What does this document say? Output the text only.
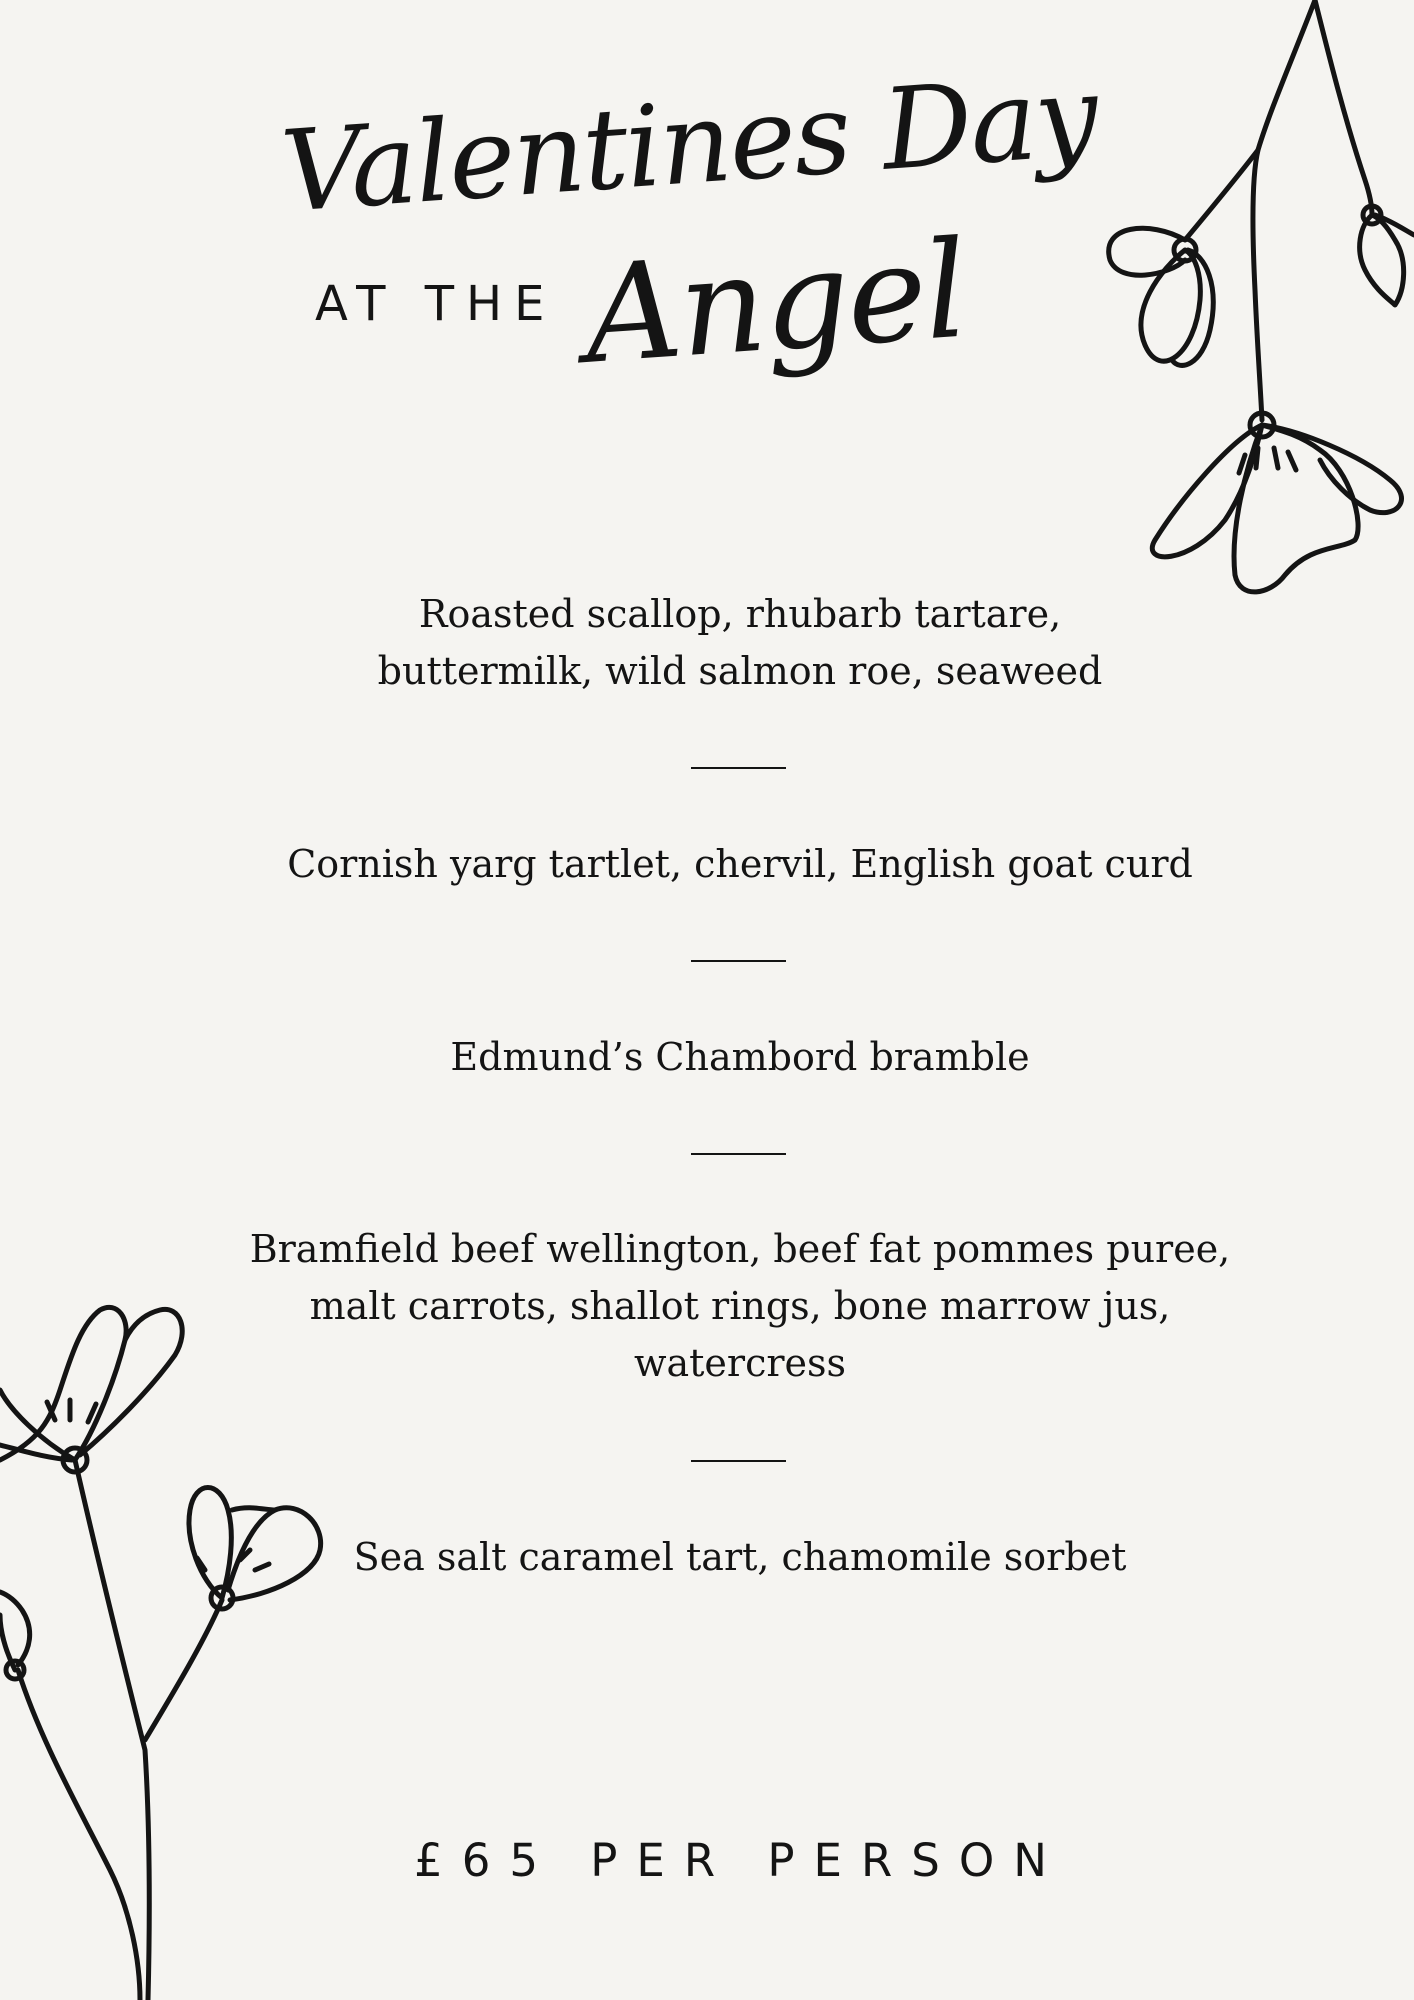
Valentines Day
AT THE Angel
Roasted scallop, rhubarb tartare,
buttermilk, wild salmon roe, seaweed
Cornish yarg tartlet, chervil, English goat curd
Edmund’s Chambord bramble
Bramfield beef wellington, beef fat pommes puree,
malt carrots, shallot rings, bone marrow jus,
watercress
Sea salt caramel tart, chamomile sorbet
£65 PER PERSON
